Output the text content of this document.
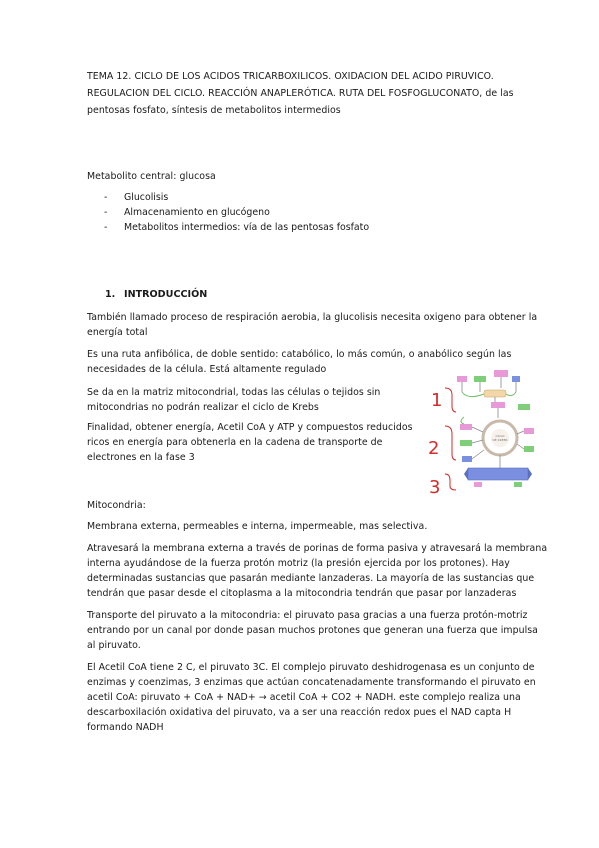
TEMA 12. CICLO DE LOS ACIDOS TRICARBOXILICOS. OXIDACION DEL ACIDO PIRUVICO.
REGULACION DEL CICLO. REACCIÓN ANAPLERÓTICA. RUTA DEL FOSFOGLUCONATO, de las
pentosas fosfato, síntesis de metabolitos intermedios
Metabolito central: glucosa
- Glucolisis
- Almacenamiento en glucógeno
- Metabolitos intermedios: vía de las pentosas fosfato
1. INTRODUCCIÓN
También llamado proceso de respiración aerobia, la glucolisis necesita oxigeno para obtener la
energía total
Es una ruta anfibólica, de doble sentido: catabólico, lo más común, o anabólico según las
necesidades de la célula. Está altamente regulado
Se da en la matriz mitocondrial, todas las células o tejidos sin
mitocondrias no podrán realizar el ciclo de Krebs
Finalidad, obtener energía, Acetil CoA y ATP y compuestos reducidos
ricos en energía para obtenerla en la cadena de transporte de
electrones en la fase 3
Mitocondria:
Membrana externa, permeables e interna, impermeable, mas selectiva.
Atravesará la membrana externa a través de porinas de forma pasiva y atravesará la membrana
interna ayudándose de la fuerza protón motriz (la presión ejercida por los protones). Hay
determinadas sustancias que pasarán mediante lanzaderas. La mayoría de las sustancias que
tendrán que pasar desde el citoplasma a la mitocondria tendrán que pasar por lanzaderas
Transporte del piruvato a la mitocondria: el piruvato pasa gracias a una fuerza protón-motriz
entrando por un canal por donde pasan muchos protones que generan una fuerza que impulsa
al piruvato.
El Acetil CoA tiene 2 C, el piruvato 3C. El complejo piruvato deshidrogenasa es un conjunto de
enzimas y coenzimas, 3 enzimas que actúan concatenadamente transformando el piruvato en
acetil CoA: piruvato + CoA + NAD+ → acetil CoA + CO2 + NADH. este complejo realiza una
descarboxilación oxidativa del piruvato, va a ser una reacción redox pues el NAD capta H
formando NADH
1
2
3
CICLO
DE KREBS
